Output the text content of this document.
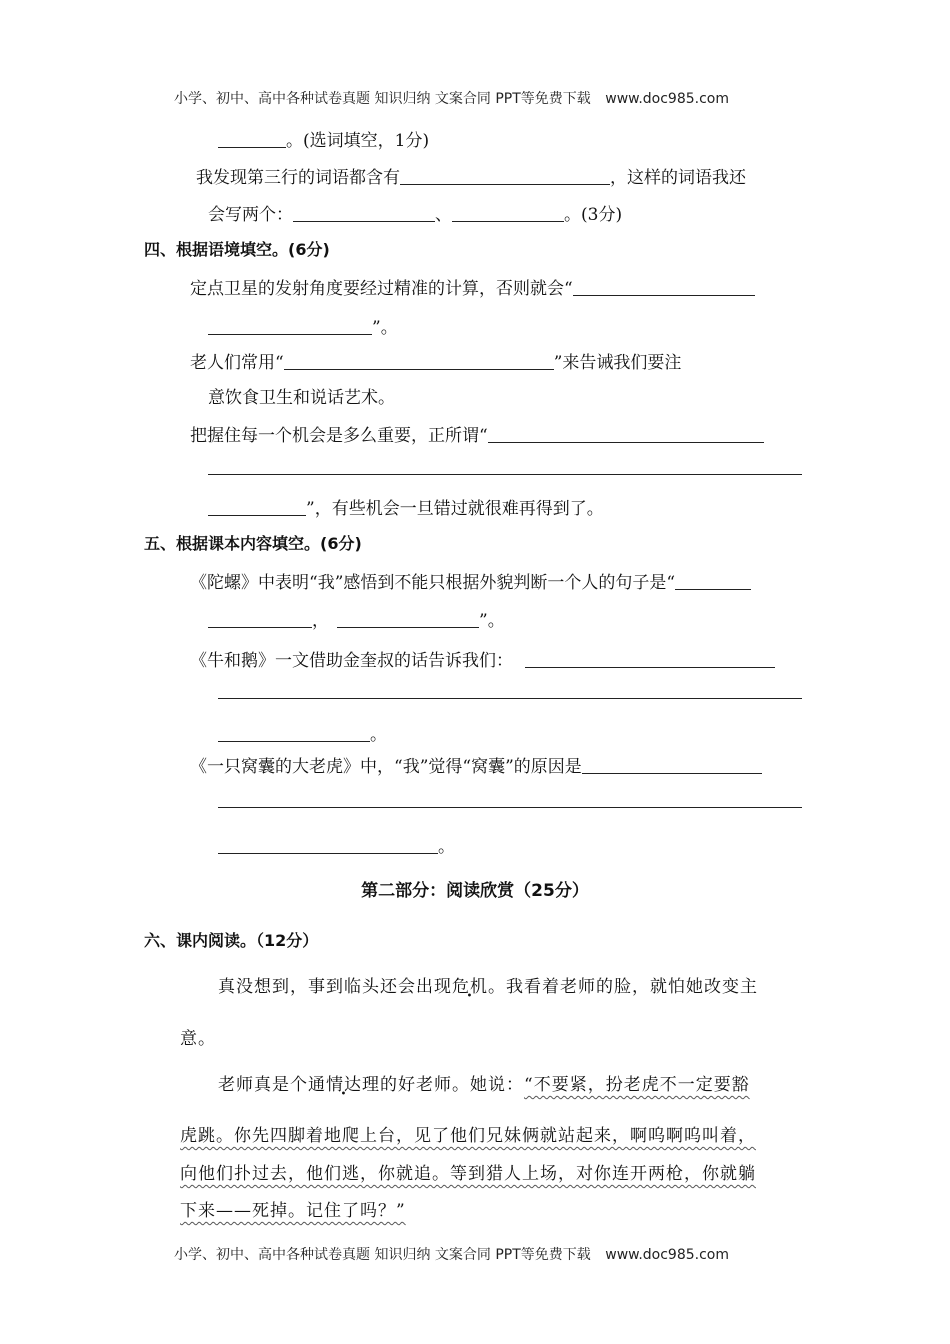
小学、初中、高中各种试卷真题 知识归纳 文案合同 PPT等免费下载 www.doc985.com
。(选词填空，1分)
我发现第三行的词语都含有	，这样的词语我还
会写两个：	、	。(3分)
四、根据语境填空。(6分)
定点卫星的发射角度要经过精准的计算，否则就会“
”。
老人们常用“	”来告诫我们要注
意饮食卫生和说话艺术。
把握住每一个机会是多么重要，正所谓“
”，有些机会一旦错过就很难再得到了。
五、根据课本内容填空。(6分)
《陀螺》中表明“我”感悟到不能只根据外貌判断一个人的句子是“
，	”。
《牛和鹅》一文借助金奎叔的话告诉我们：
。
《一只窝囊的大老虎》中，“我”觉得“窝囊”的原因是
。
第二部分：阅读欣赏（25分）
六、课内阅读。（12分）
真没想到，事到临头还会出现危机。我看着老师的脸，就怕她改变主
意。
老师真是个通情达理的好老师。她说：“不要紧，扮老虎不一定要豁
虎跳。你先四脚着地爬上台，见了他们兄妹俩就站起来，啊呜啊呜叫着，
向他们扑过去，他们逃，你就追。等到猎人上场，对你连开两枪，你就躺
下来——死掉。记住了吗？”
小学、初中、高中各种试卷真题 知识归纳 文案合同 PPT等免费下载 www.doc985.com
